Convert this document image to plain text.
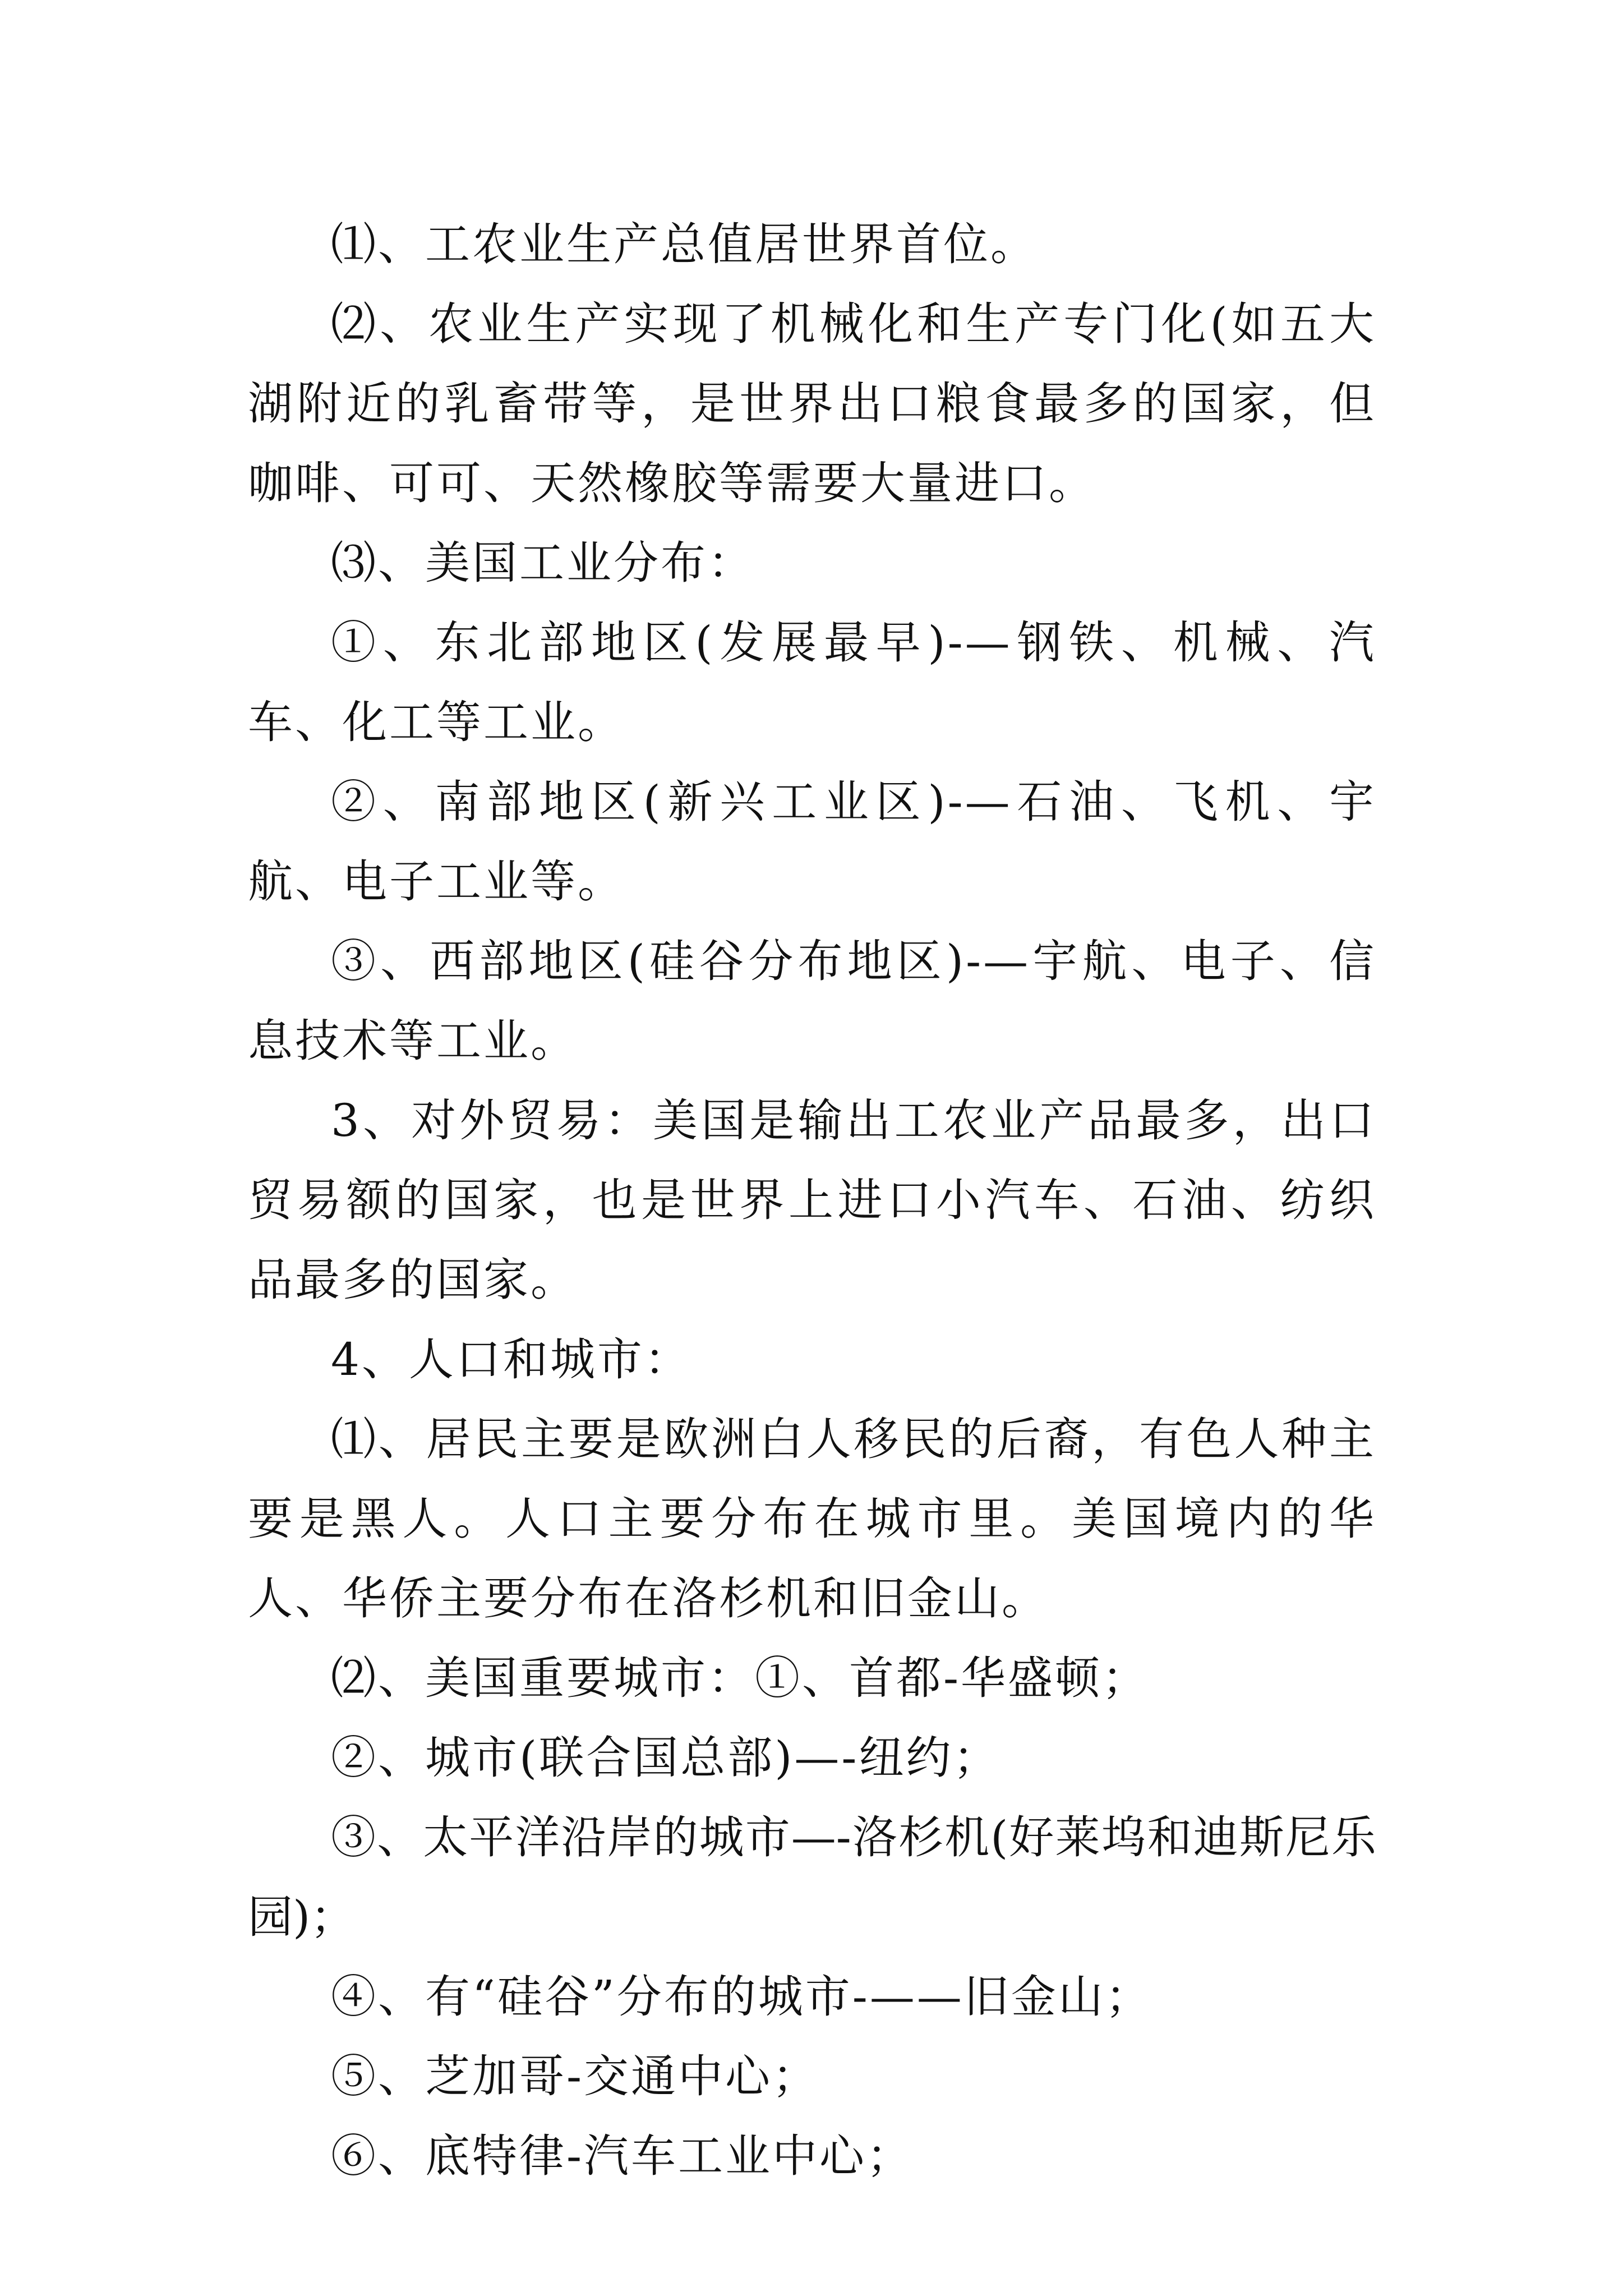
⑴、工农业生产总值居世界首位。

⑵、农业生产实现了机械化和生产专门化(如五大湖附近的乳畜带等，是世界出口粮食最多的国家，但咖啡、可可、天然橡胶等需要大量进口。

⑶、美国工业分布：

①、东北部地区(发展最早)-—钢铁、机械、汽车、化工等工业。

②、南部地区(新兴工业区)-—石油、飞机、宇航、电子工业等。

③、西部地区(硅谷分布地区)-—宇航、电子、信息技术等工业。

3、对外贸易：美国是输出工农业产品最多，出口贸易额的国家，也是世界上进口小汽车、石油、纺织品最多的国家。

4、人口和城市：

⑴、居民主要是欧洲白人移民的后裔，有色人种主要是黑人。人口主要分布在城市里。美国境内的华人、华侨主要分布在洛杉机和旧金山。

⑵、美国重要城市：①、首都-华盛顿；

②、城市(联合国总部)—-纽约；

③、太平洋沿岸的城市—-洛杉机(好莱坞和迪斯尼乐园)；

④、有“硅谷”分布的城市-——旧金山；

⑤、芝加哥-交通中心；

⑥、底特律-汽车工业中心；
